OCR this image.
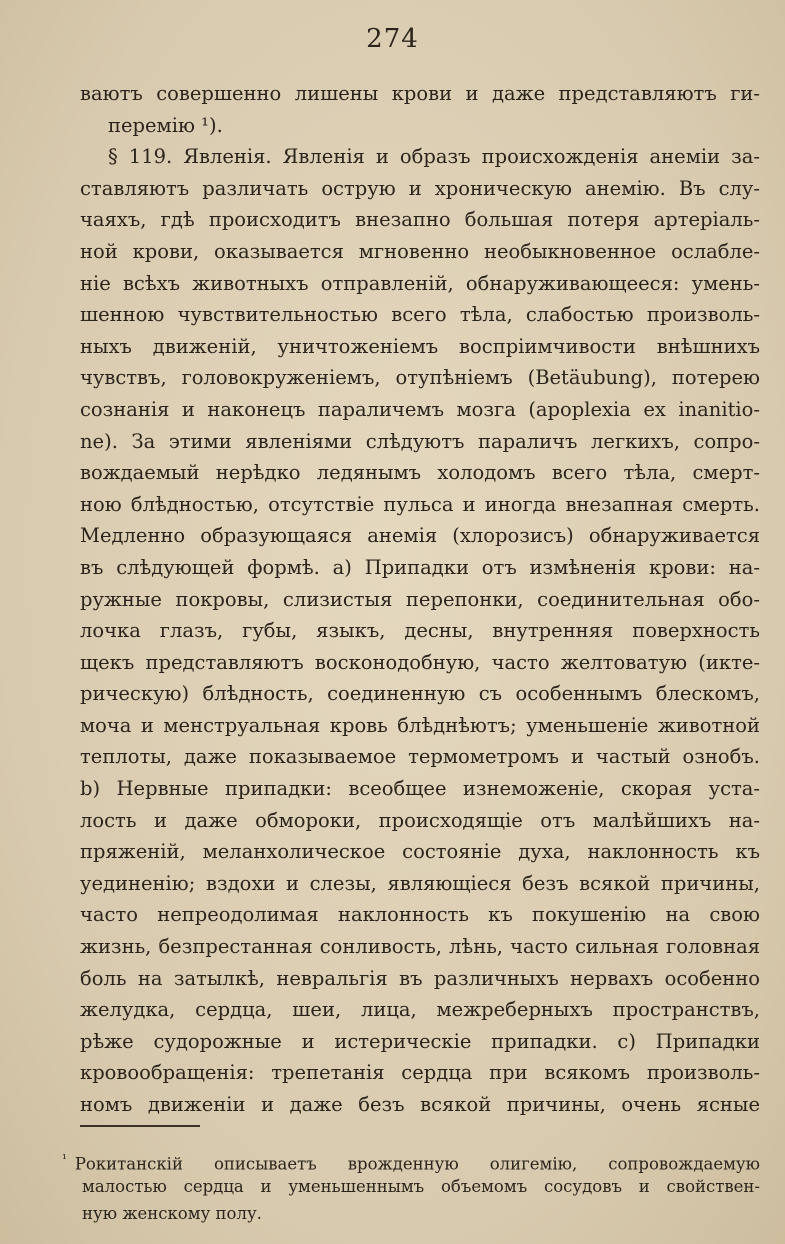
274
ваютъ совершенно лишены крови и даже представляютъ ги-
перемію ¹).
§ 119. Явленія. Явленія и образъ происхожденія анеміи за-
ставляютъ различать острую и хроническую анемію. Въ слу-
чаяхъ, гдѣ происходитъ внезапно большая потеря артеріаль-
ной крови, оказывается мгновенно необыкновенное ослабле-
ніе всѣхъ животныхъ отправленій, обнаруживающееся: умень-
шенною чувствительностью всего тѣла, слабостью произволь-
ныхъ движеній, уничтоженіемъ воспріимчивости внѣшнихъ
чувствъ, головокруженіемъ, отупѣніемъ (Betäubung), потерею
сознанія и наконецъ параличемъ мозга (apoplexia ex inanitio-
ne). За этими явленіями слѣдуютъ параличъ легкихъ, сопро-
вождаемый нерѣдко ледянымъ холодомъ всего тѣла, смерт-
ною блѣдностью, отсутствіе пульса и иногда внезапная смерть.
Медленно образующаяся анемія (хлорозисъ) обнаруживается
въ слѣдующей формѣ. a) Припадки отъ измѣненія крови: на-
ружные покровы, слизистыя перепонки, соединительная обо-
лочка глазъ, губы, языкъ, десны, внутренняя поверхность
щекъ представляютъ восконодобную, часто желтоватую (иктe-
рическую) блѣдность, соединенную съ особеннымъ блескомъ,
моча и менструальная кровь блѣднѣютъ; уменьшеніе животной
теплоты, даже показываемое термометромъ и частый ознобъ.
b) Нервные припадки: всеобщее изнеможеніе, скорая уста-
лость и даже обмороки, происходящіе отъ малѣйшихъ на-
пряженій, меланхолическое состояніе духа, наклонность къ
уединенію; вздохи и слезы, являющіеся безъ всякой причины,
часто непреодолимая наклонность къ покушенію на свою
жизнь, безпрестанная сонливость, лѣнь, часто сильная головная
боль на затылкѣ, невральгія въ различныхъ нервахъ особенно
желудка, сердца, шеи, лица, межреберныхъ пространствъ,
рѣже судорожные и истерическіе припадки. c) Припадки
кровообращенія: трепетанія сердца при всякомъ произволь-
номъ движеніи и даже безъ всякой причины, очень ясные
$^{^1}$ Рокитанскій описываетъ врожденную олигемію, сопровождаемую
малостью сердца и уменьшеннымъ объемомъ сосудовъ и свойствен-
ную женскому полу.
